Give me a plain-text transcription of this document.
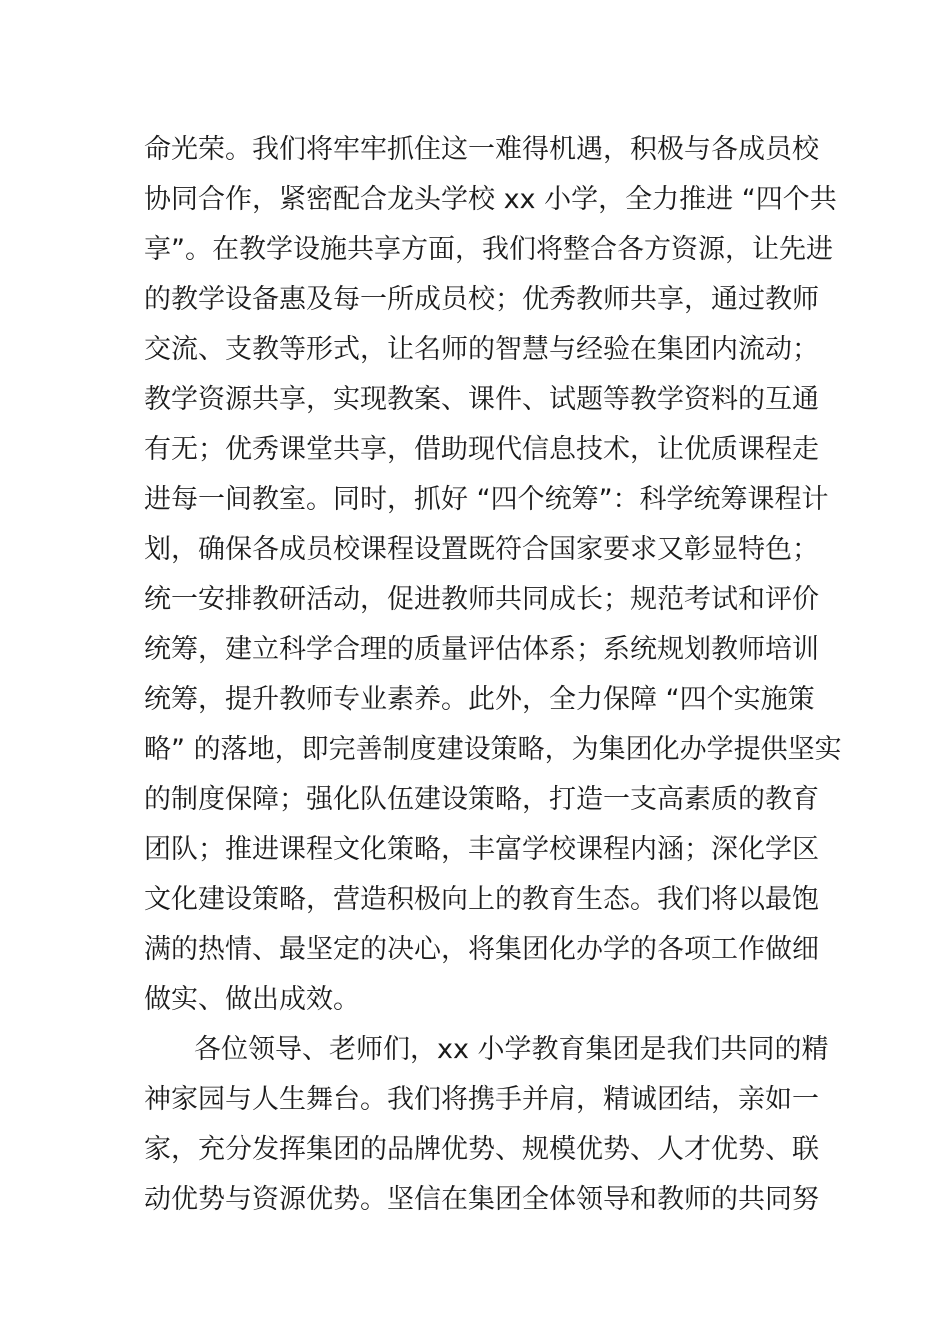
命光荣。我们将牢牢抓住这一难得机遇，积极与各成员校
协同合作，紧密配合龙头学校 xx 小学，全力推进 “四个共
享”。在教学设施共享方面，我们将整合各方资源，让先进
的教学设备惠及每一所成员校；优秀教师共享，通过教师
交流、支教等形式，让名师的智慧与经验在集团内流动；
教学资源共享，实现教案、课件、试题等教学资料的互通
有无；优秀课堂共享，借助现代信息技术，让优质课程走
进每一间教室。同时，抓好 “四个统筹”：科学统筹课程计
划，确保各成员校课程设置既符合国家要求又彰显特色；
统一安排教研活动，促进教师共同成长；规范考试和评价
统筹，建立科学合理的质量评估体系；系统规划教师培训
统筹，提升教师专业素养。此外，全力保障 “四个实施策
略” 的落地，即完善制度建设策略，为集团化办学提供坚实
的制度保障；强化队伍建设策略，打造一支高素质的教育
团队；推进课程文化策略，丰富学校课程内涵；深化学区
文化建设策略，营造积极向上的教育生态。我们将以最饱
满的热情、最坚定的决心，将集团化办学的各项工作做细
做实、做出成效。
各位领导、老师们，xx 小学教育集团是我们共同的精
神家园与人生舞台。我们将携手并肩，精诚团结，亲如一
家，充分发挥集团的品牌优势、规模优势、人才优势、联
动优势与资源优势。坚信在集团全体领导和教师的共同努
